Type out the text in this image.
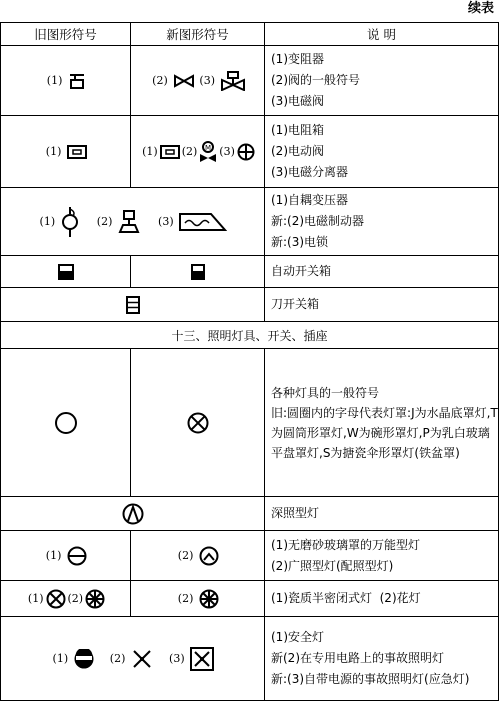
续表
旧图形符号	新图形符号	说 明
(1)	(2) (3)	(1)变阻器
(2)阀的一般符号
(3)电磁阀

(1)	(1) (2) M (3)	(1)电阻箱
(2)电动阀
(3)电磁分离器

(1) (2) (3)		(1)自耦变压器
新:(2)电磁制动器
新:(3)电锁

自动开关箱

刀开关箱

十三、照明灯具、开关、插座		

各种灯具的一般符号
旧:圆圈内的字母代表灯罩:J为水晶底罩灯,T为圆筒形罩灯,W为碗形罩灯,P为乳白玻璃平盘罩灯,S为搪瓷伞形罩灯(铁盆罩)

深照型灯

(1)	(2)	(1)无磨砂玻璃罩的万能型灯
(2)广照型灯(配照型灯)

(1) (2)	(2)	(1)瓷质半密闭式灯  (2)花灯

(1) (2) (3)		(1)安全灯
新(2)在专用电路上的事故照明灯
新:(3)自带电源的事故照明灯(应急灯)
